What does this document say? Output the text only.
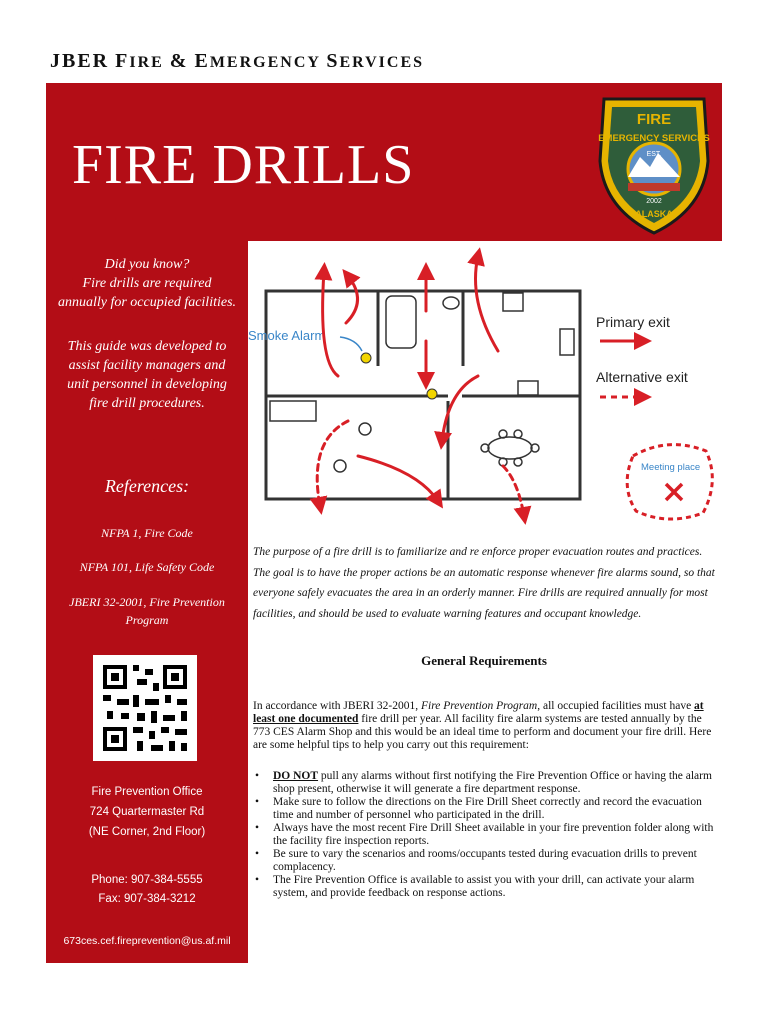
JBER FIRE & EMERGENCY SERVICES
FIRE DRILLS
FIRE
EMERGENCY SERVICES
EST.
2002
ALASKA
Did you know?
Fire drills are required
annually for occupied facilities.
This guide was developed to
assist facility managers and
unit personnel in developing
fire drill procedures.
References:
NFPA 1, Fire Code
NFPA 101, Life Safety Code
JBERI 32-2001, Fire Prevention
Program
Fire Prevention Office
724 Quartermaster Rd
(NE Corner, 2nd Floor)
Phone: 907-384-5555
Fax: 907-384-3212
673ces.cef.fireprevention@us.af.mil
Smoke Alarm
Primary exit
Alternative exit
Meeting place
The purpose of a fire drill is to familiarize and re enforce proper evacuation routes and practices. The goal is to have the proper actions be an automatic response whenever fire alarms sound, so that everyone safely evacuates the area in an orderly manner. Fire drills are required annually for most facilities, and should be used to evaluate warning features and occupant knowledge.
General Requirements
In accordance with JBERI 32-2001, Fire Prevention Program, all occupied facilities must have at least one documented fire drill per year. All facility fire alarm systems are tested annually by the 773 CES Alarm Shop and this would be an ideal time to perform and document your fire drill. Here are some helpful tips to help you carry out this requirement:
• DO NOT pull any alarms without first notifying the Fire Prevention Office or having the alarm shop present, otherwise it will generate a fire department response.
• Make sure to follow the directions on the Fire Drill Sheet correctly and record the evacuation time and number of personnel who participated in the drill.
• Always have the most recent Fire Drill Sheet available in your fire prevention folder along with the facility fire inspection reports.
• Be sure to vary the scenarios and rooms/occupants tested during evacuation drills to prevent complacency.
• The Fire Prevention Office is available to assist you with your drill, can activate your alarm system, and provide feedback on response actions.
